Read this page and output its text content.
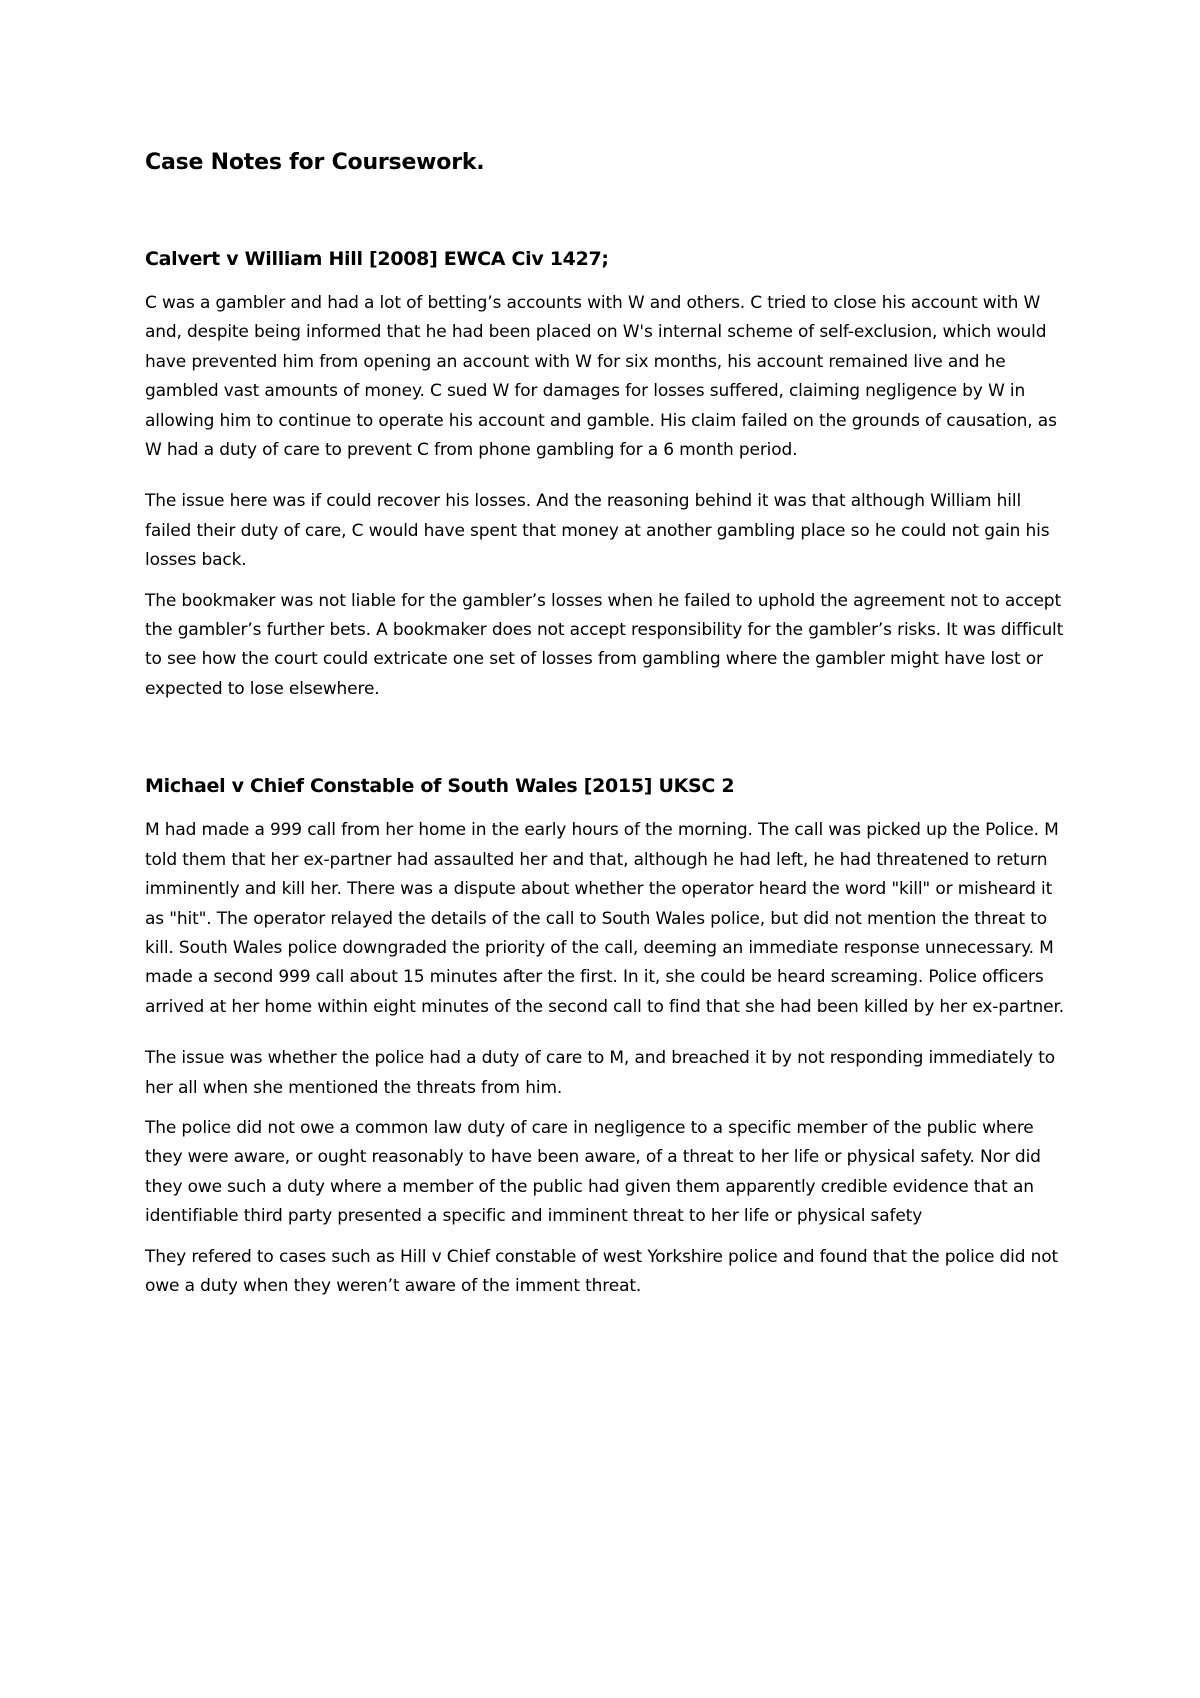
Case Notes for Coursework.
Calvert v William Hill [2008] EWCA Civ 1427;

C was a gambler and had a lot of betting’s accounts with W and others. C tried to close his account with W and, despite being informed that he had been placed on W's internal scheme of self-exclusion, which would have prevented him from opening an account with W for six months, his account remained live and he gambled vast amounts of money. C sued W for damages for losses suffered, claiming negligence by W in allowing him to continue to operate his account and gamble. His claim failed on the grounds of causation, as W had a duty of care to prevent C from phone gambling for a 6 month period.

The issue here was if could recover his losses. And the reasoning behind it was that although William hill failed their duty of care, C would have spent that money at another gambling place so he could not gain his losses back.

The bookmaker was not liable for the gambler’s losses when he failed to uphold the agreement not to accept the gambler’s further bets. A bookmaker does not accept responsibility for the gambler’s risks. It was difficult to see how the court could extricate one set of losses from gambling where the gambler might have lost or expected to lose elsewhere.

Michael v Chief Constable of South Wales [2015] UKSC 2

M had made a 999 call from her home in the early hours of the morning. The call was picked up the Police. M told them that her ex-partner had assaulted her and that, although he had left, he had threatened to return imminently and kill her. There was a dispute about whether the operator heard the word "kill" or misheard it as "hit". The operator relayed the details of the call to South Wales police, but did not mention the threat to kill. South Wales police downgraded the priority of the call, deeming an immediate response unnecessary. M made a second 999 call about 15 minutes after the first. In it, she could be heard screaming. Police officers arrived at her home within eight minutes of the second call to find that she had been killed by her ex-partner.

The issue was whether the police had a duty of care to M, and breached it by not responding immediately to her all when she mentioned the threats from him.

The police did not owe a common law duty of care in negligence to a specific member of the public where they were aware, or ought reasonably to have been aware, of a threat to her life or physical safety. Nor did they owe such a duty where a member of the public had given them apparently credible evidence that an identifiable third party presented a specific and imminent threat to her life or physical safety

They refered to cases such as Hill v Chief constable of west Yorkshire police and found that the police did not owe a duty when they weren’t aware of the imment threat.
